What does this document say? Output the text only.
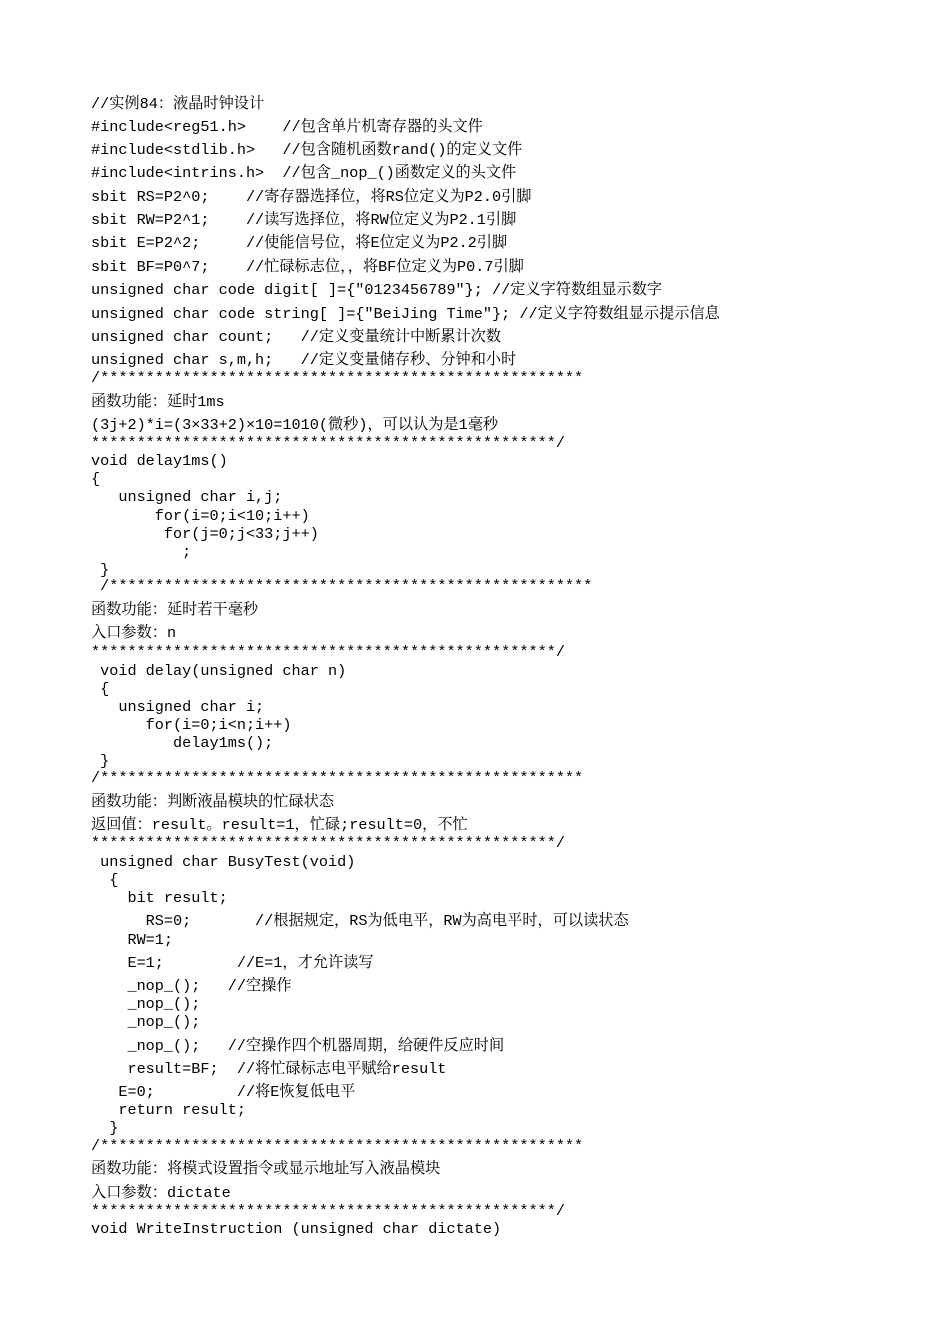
//实例84：液晶时钟设计
#include<reg51.h>    //包含单片机寄存器的头文件
#include<stdlib.h>   //包含随机函数rand()的定义文件
#include<intrins.h>  //包含_nop_()函数定义的头文件
sbit RS=P2^0;    //寄存器选择位，将RS位定义为P2.0引脚
sbit RW=P2^1;    //读写选择位，将RW位定义为P2.1引脚
sbit E=P2^2;     //使能信号位，将E位定义为P2.2引脚
sbit BF=P0^7;    //忙碌标志位，，将BF位定义为P0.7引脚
unsigned char code digit[ ]={"0123456789"}; //定义字符数组显示数字
unsigned char code string[ ]={"BeiJing Time"}; //定义字符数组显示提示信息
unsigned char count;   //定义变量统计中断累计次数
unsigned char s,m,h;   //定义变量储存秒、分钟和小时
/*****************************************************
函数功能：延时1ms
(3j+2)*i=(3×33+2)×10=1010(微秒)，可以认为是1毫秒
***************************************************/
void delay1ms()
{
unsigned char i,j;
for(i=0;i<10;i++)
for(j=0;j<33;j++)
;
}
/*****************************************************
函数功能：延时若干毫秒
入口参数：n
***************************************************/
void delay(unsigned char n)
{
unsigned char i;
for(i=0;i<n;i++)
delay1ms();
}
/*****************************************************
函数功能：判断液晶模块的忙碌状态
返回值：result。result=1，忙碌;result=0，不忙
***************************************************/
unsigned char BusyTest(void)
{
bit result;
RS=0;       //根据规定，RS为低电平，RW为高电平时，可以读状态
RW=1;
E=1;        //E=1，才允许读写
_nop_();   //空操作
_nop_();
_nop_();
_nop_();   //空操作四个机器周期，给硬件反应时间
result=BF;  //将忙碌标志电平赋给result
E=0;         //将E恢复低电平
return result;
}
/*****************************************************
函数功能：将模式设置指令或显示地址写入液晶模块
入口参数：dictate
***************************************************/
void WriteInstruction (unsigned char dictate)
